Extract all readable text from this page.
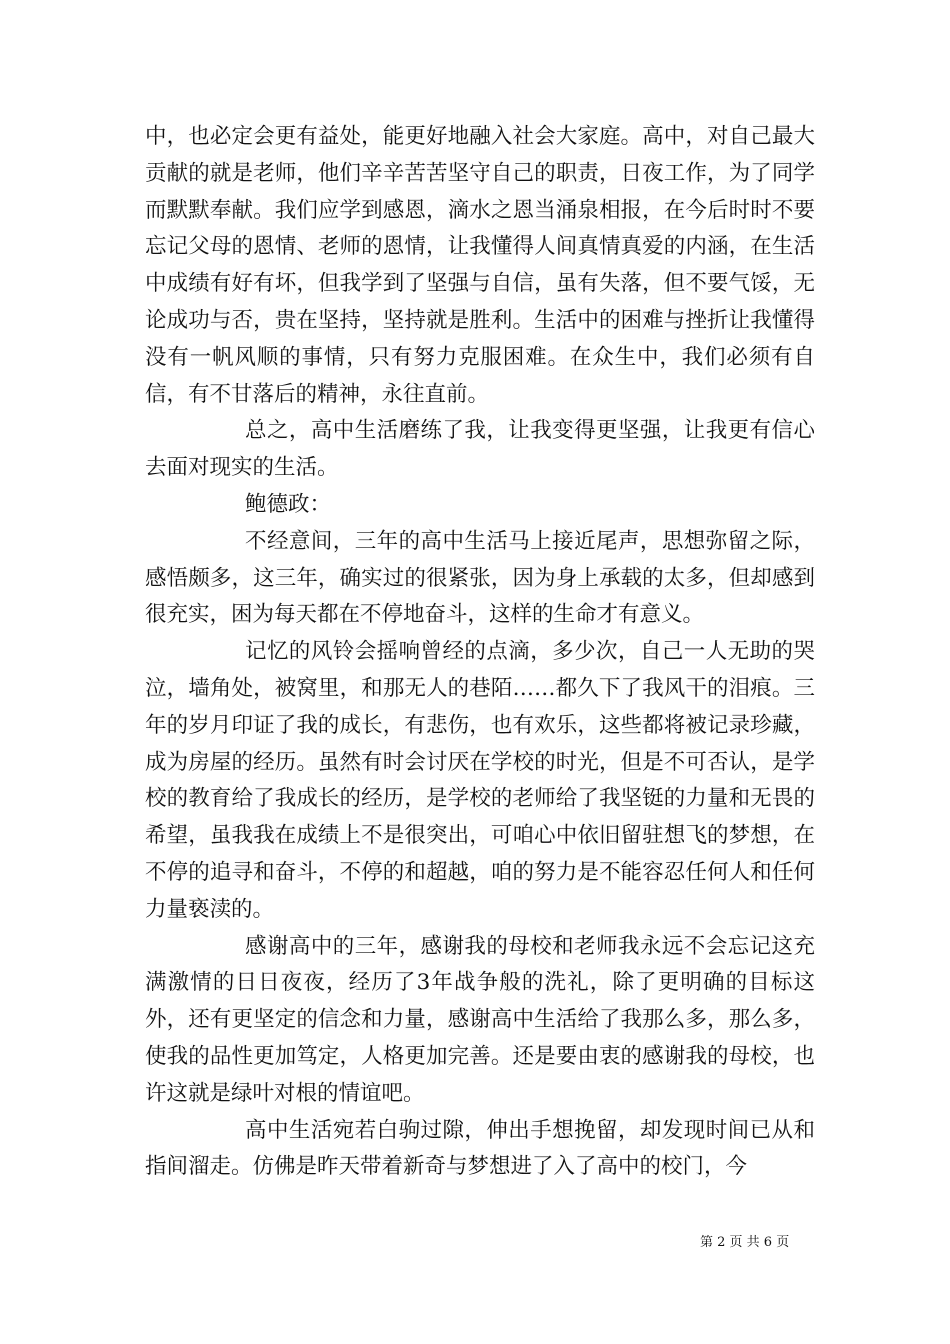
中，也必定会更有益处，能更好地融入社会大家庭。高中，对自己最大贡献的就是老师，他们辛辛苦苦坚守自己的职责，日夜工作，为了同学而默默奉献。我们应学到感恩，滴水之恩当涌泉相报，在今后时时不要忘记父母的恩情、老师的恩情，让我懂得人间真情真爱的内涵，在生活中成绩有好有坏，但我学到了坚强与自信，虽有失落，但不要气馁，无论成功与否，贵在坚持，坚持就是胜利。生活中的困难与挫折让我懂得没有一帆风顺的事情，只有努力克服困难。在众生中，我们必须有自信，有不甘落后的精神，永往直前。

总之，高中生活磨练了我，让我变得更坚强，让我更有信心去面对现实的生活。

鲍德政：

不经意间，三年的高中生活马上接近尾声，思想弥留之际，感悟颇多，这三年，确实过的很紧张，因为身上承载的太多，但却感到很充实，困为每天都在不停地奋斗，这样的生命才有意义。

记忆的风铃会摇响曾经的点滴，多少次，自己一人无助的哭泣，墙角处，被窝里，和那无人的巷陌……都久下了我风干的泪痕。三年的岁月印证了我的成长，有悲伤，也有欢乐，这些都将被记录珍藏，成为房屋的经历。虽然有时会讨厌在学校的时光，但是不可否认，是学校的教育给了我成长的经历，是学校的老师给了我坚铤的力量和无畏的希望，虽我我在成绩上不是很突出，可咱心中依旧留驻想飞的梦想，在不停的追寻和奋斗，不停的和超越，咱的努力是不能容忍任何人和任何力量亵渎的。

感谢高中的三年，感谢我的母校和老师我永远不会忘记这充满激情的日日夜夜，经历了3年战争般的洗礼，除了更明确的目标这外，还有更坚定的信念和力量，感谢高中生活给了我那么多，那么多，使我的品性更加笃定，人格更加完善。还是要由衷的感谢我的母校，也许这就是绿叶对根的情谊吧。

高中生活宛若白驹过隙，伸出手想挽留，却发现时间已从和指间溜走。仿佛是昨天带着新奇与梦想进了入了高中的校门，今

第 2 页 共 6 页
